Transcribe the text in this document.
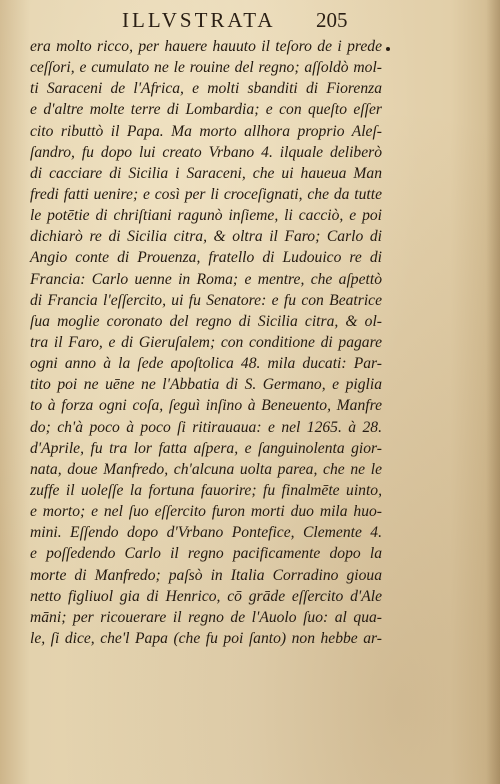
ILLVSTRATA 205
era molto ricco, per hauere hauuto il teſoro de i prede
ceſſori, e cumulato ne le rouine del regno; aſſoldò mol-
ti Saraceni de l'Africa, e molti sbanditi di Fiorenza
e d'altre molte terre di Lombardia; e con queſto eſſer
cito ributtò il Papa. Ma morto allhora proprio Aleſ-
ſandro, fu dopo lui creato Vrbano 4. ilquale deliberò
di cacciare di Sicilia i Saraceni, che ui haueua Man
fredi fatti uenire; e così per li croceſignati, che da tutte
le potētie di chriſtiani ragunò inſieme, li cacciò, e poi
dichiarò re di Sicilia citra, & oltra il Faro; Carlo di
Angio conte di Prouenza, fratello di Ludouico re di
Francia: Carlo uenne in Roma; e mentre, che aſpettò
di Francia l'eſſercito, ui fu Senatore: e fu con Beatrice
ſua moglie coronato del regno di Sicilia citra, & ol-
tra il Faro, e di Gieruſalem; con conditione di pagare
ogni anno à la ſede apoſtolica 48. mila ducati: Par-
tito poi ne uēne ne l'Abbatia di S. Germano, e piglia
to à forza ogni coſa, ſeguì inſino à Beneuento, Manfre
do; ch'à poco à poco ſi ritirauaua: e nel 1265. à 28.
d'Aprile, fu tra lor fatta aſpera, e ſanguinolenta gior-
nata, doue Manfredo, ch'alcuna uolta parea, che ne le
zuffe il uoleſſe la fortuna fauorire; fu finalmēte uinto,
e morto; e nel ſuo eſſercito furon morti duo mila huo-
mini. Eſſendo dopo d'Vrbano Pontefice, Clemente 4.
e poſſedendo Carlo il regno pacificamente dopo la
morte di Manfredo; paſsò in Italia Corradino gioua
netto figliuol gia di Henrico, cō grāde eſſercito d'Ale
māni; per ricouerare il regno de l'Auolo ſuo: al qua-
le, ſi dice, che'l Papa (che fu poi ſanto) non hebbe ar-
